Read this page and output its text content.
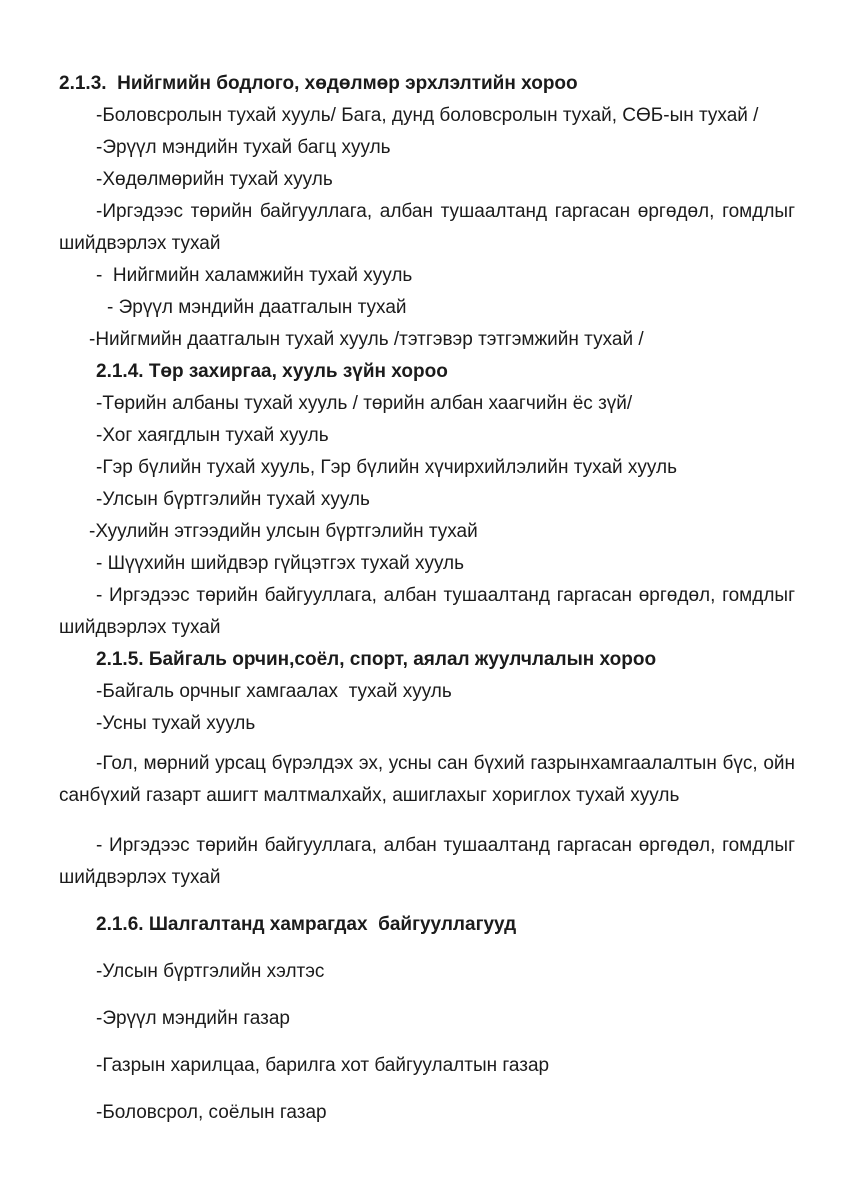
2.1.3.  Нийгмийн бодлого, хөдөлмөр эрхлэлтийн хороо

-Боловсролын тухай хууль/ Бага, дунд боловсролын тухай, СӨБ-ын тухай /

-Эрүүл мэндийн тухай багц хууль

-Хөдөлмөрийн тухай хууль

-Иргэдээс төрийн байгууллага, албан тушаалтанд гаргасан өргөдөл, гомдлыг шийдвэрлэх тухай

-  Нийгмийн халамжийн тухай хууль

- Эрүүл мэндийн даатгалын тухай

-Нийгмийн даатгалын тухай хууль /тэтгэвэр тэтгэмжийн тухай /

2.1.4. Төр захиргаа, хууль зүйн хороо

-Төрийн албаны тухай хууль / төрийн албан хаагчийн ёс зүй/

-Хог хаягдлын тухай хууль

-Гэр бүлийн тухай хууль, Гэр бүлийн хүчирхийлэлийн тухай хууль

-Улсын бүртгэлийн тухай хууль

-Хуулийн этгээдийн улсын бүртгэлийн тухай

- Шүүхийн шийдвэр гүйцэтгэх тухай хууль

- Иргэдээс төрийн байгууллага, албан тушаалтанд гаргасан өргөдөл, гомдлыг шийдвэрлэх тухай

2.1.5. Байгаль орчин,соёл, спорт, аялал жуулчлалын хороо

-Байгаль орчныг хамгаалах  тухай хууль

-Усны тухай хууль

-Гол, мөрний урсац бүрэлдэх эх, усны сан бүхий газрынхамгаалалтын бүс, ойн санбүхий газарт ашигт малтмалхайх, ашиглахыг хориглох тухай хууль

- Иргэдээс төрийн байгууллага, албан тушаалтанд гаргасан өргөдөл, гомдлыг шийдвэрлэх тухай

2.1.6. Шалгалтанд хамрагдах  байгууллагууд

-Улсын бүртгэлийн хэлтэс

-Эрүүл мэндийн газар

-Газрын харилцаа, барилга хот байгуулалтын газар

-Боловсрол, соёлын газар
